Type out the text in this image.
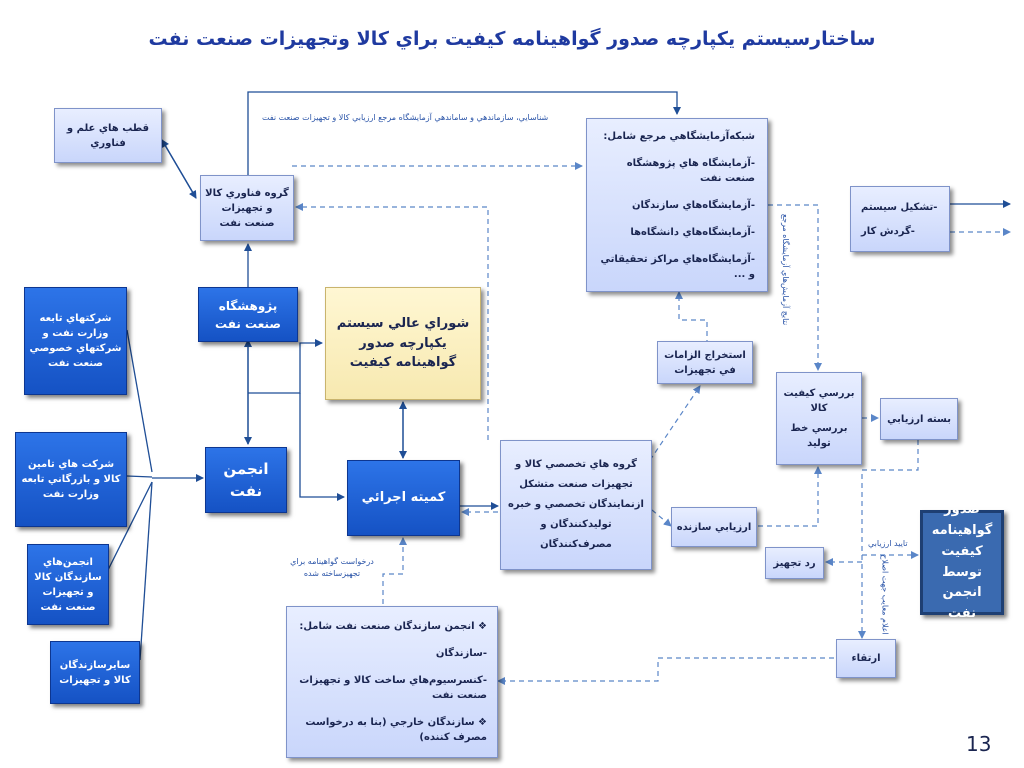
ساختارسيستم يكپارچه صدور گواهينامه كيفيت براي كالا وتجهيزات صنعت نفت
قطب هاي علم و فناوري
گروه فناوري كالا و تجهيزات صنعت نفت
پژوهشگاه صنعت نفت	شوراي عالي سيستم يكپارچه صدور گواهينامه كيفيت
انجمن نفت	كميته اجرائي
شركتهاي تابعه وزارت نفت و شركتهاي خصوصي صنعت نفت
شركت هاي تامين كالا و بازرگاني تابعه وزارت نفت
انجمن‌هاي سازندگان كالا و تجهيزات صنعت نفت
سايرسازندگان كالا و تجهيزات
شبكه‌آزمايشگاهي مرجع شامل:
-آزمايشگاه هاي پژوهشگاه صنعت نفت
-آزمايشگاه‌هاي سازندگان
-آزمايشگاه‌هاي دانشگاه‌ها
-آزمايشگاه‌هاي مراكز تحقيقاتي و ...
استخراج الزامات في تجهيزات
گروه هاي تخصصي كالا و تجهيزات صنعت متشكل ازنمايندگان تخصصي و خبره توليدكنندگان و مصرف‌كنندگان
ارزيابي سازنده
بررسي كيفيت كالا
بررسي خط توليد
بسته ارزيابي
صدور گواهينامه كيفيت توسط انجمن نفت
رد تجهيز
ارتقاء
❖ انجمن سازندگان صنعت نفت شامل:
-سازندگان
-كنسرسيوم‌هاي ساخت كالا و تجهيزات صنعت نفت
❖ سازندگان خارجي (بنا به درخواست مصرف كننده)
-تشكيل سيستم
-گردش كار
شناسايي، سازماندهي و ساماندهي آزمايشگاه مرجع ارزيابي كالا و تجهيزات صنعت نفت
درخواست گواهينامه براي تجهيزساخته شده
نتايج آزمايش‌هاي آزمايشگاه مرجع
تاييد ارزيابي
اعلام معايب جهت اصلاح
13
